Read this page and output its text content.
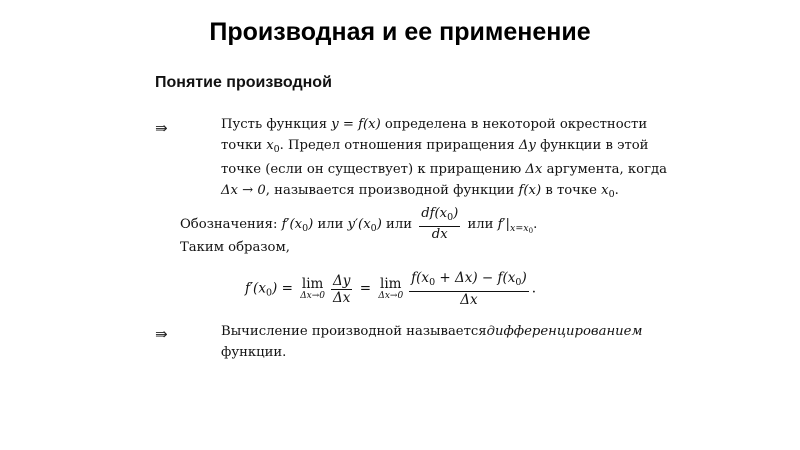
Производная и ее применение
Понятие производной
⇛	Пусть функция y = f(x) определена в некоторой окрестности
точки $x_0$. Предел отношения приращения Δy функции в этой
точке (если он существует) к приращению Δx аргумента, когда
Δx → 0, называется производной функции f(x) в точке $x_0$.
Обозначения: $f'(x_0)$ или $y'(x_0)$ или $\frac{df(x_0)}{dx}$ или $f'|_{x=x0}$.
Таким образом,
$f'(x_0) = \lim$
$\Delta x\to 0 \frac{\Delta y}{\Delta x} = \lim$
$\Delta x\to 0 \frac{f(x_0 + \Delta x) - f(x_0)}{\Delta x}$ .
⇛	Вычисление производной называется дифференцированием
функции.
